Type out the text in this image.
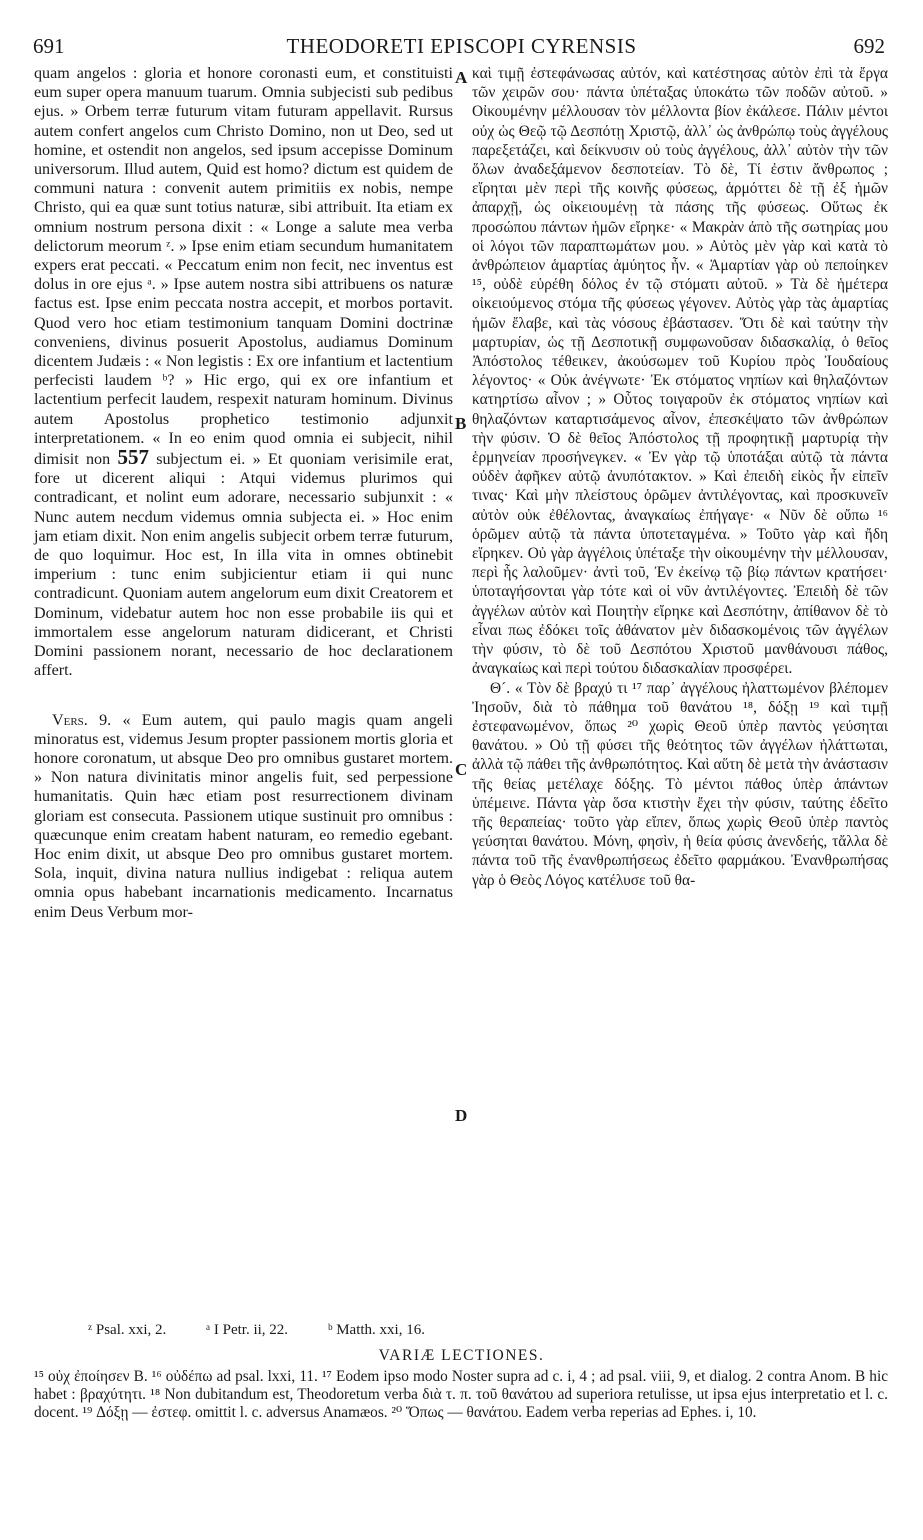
691	THEODORETI EPISCOPI CYRENSIS	692

quam angelos : gloria et honore coronasti eum, et constituisti eum super opera manuum tuarum. Omnia subjecisti sub pedibus ejus. » Orbem terræ futurum vitam futuram appellavit. Rursus autem confert angelos cum Christo Domino, non ut Deo, sed ut homine, et ostendit non angelos, sed ipsum accepisse Dominum universorum. Illud autem, Quid est homo? dictum est quidem de communi natura : convenit autem primitiis ex nobis, nempe Christo, qui ea quæ sunt totius naturæ, sibi attribuit. Ita etiam ex omnium nostrum persona dixit : « Longe a salute mea verba delictorum meorum ᶻ. » Ipse enim etiam secundum humanitatem expers erat peccati. « Peccatum enim non fecit, nec inventus est dolus in ore ejus ᵃ. » Ipse autem nostra sibi attribuens os naturæ factus est. Ipse enim peccata nostra accepit, et morbos portavit. Quod vero hoc etiam testimonium tanquam Domini doctrinæ conveniens, divinus posuerit Apostolus, audiamus Dominum dicentem Judæis : « Non legistis : Ex ore infantium et lactentium perfecisti laudem ᵇ? » Hic ergo, qui ex ore infantium et lactentium perfecit laudem, respexit naturam hominum. Divinus autem Apostolus prophetico testimonio adjunxit interpretationem. « In eo enim quod omnia ei subjecit, nihil dimisit non 557 subjectum ei. » Et quoniam verisimile erat, fore ut dicerent aliqui : Atqui videmus plurimos qui contradicant, et nolint eum adorare, necessario subjunxit : « Nunc autem necdum videmus omnia subjecta ei. » Hoc enim jam etiam dixit. Non enim angelis subjecit orbem terræ futurum, de quo loquimur. Hoc est, In illa vita in omnes obtinebit imperium : tunc enim subjicientur etiam ii qui nunc contradicunt. Quoniam autem angelorum eum dixit Creatorem et Dominum, videbatur autem hoc non esse probabile iis qui et immortalem esse angelorum naturam didicerant, et Christi Domini passionem norant, necessario de hoc declarationem affert.

Vers. 9. « Eum autem, qui paulo magis quam angeli minoratus est, videmus Jesum propter passionem mortis gloria et honore coronatum, ut absque Deo pro omnibus gustaret mortem. » Non natura divinitatis minor angelis fuit, sed perpessione humanitatis. Quin hæc etiam post resurrectionem divinam gloriam est consecuta. Passionem utique sustinuit pro omnibus : quæcunque enim creatam habent naturam, eo remedio egebant. Hoc enim dixit, ut absque Deo pro omnibus gustaret mortem. Sola, inquit, divina natura nullius indigebat : reliqua autem omnia opus habebant incarnationis medicamento. Incarnatus enim Deus Verbum mor-

A
B
C
D

καὶ τιμῇ ἐστεφάνωσας αὐτόν, καὶ κατέστησας αὐτὸν ἐπὶ τὰ ἔργα τῶν χειρῶν σου· πάντα ὑπέταξας ὑποκάτω τῶν ποδῶν αὐτοῦ. » Οἰκουμένην μέλλουσαν τὸν μέλλοντα βίον ἐκάλεσε. Πάλιν μέντοι οὐχ ὡς Θεῷ τῷ Δεσπότῃ Χριστῷ, ἀλλ᾽ ὡς ἀνθρώπῳ τοὺς ἀγγέλους παρεξετάζει, καὶ δείκνυσιν οὐ τοὺς ἀγγέλους, ἀλλ᾽ αὐτὸν τὴν τῶν ὅλων ἀναδεξάμενον δεσποτείαν. Τὸ δὲ, Τί ἐστιν ἄνθρωπος ; εἴρηται μὲν περὶ τῆς κοινῆς φύσεως, ἁρμόττει δὲ τῇ ἐξ ἡμῶν ἀπαρχῇ, ὡς οἰκειουμένῃ τὰ πάσης τῆς φύσεως. Οὕτως ἐκ προσώπου πάντων ἡμῶν εἴρηκε· « Μακρὰν ἀπὸ τῆς σωτηρίας μου οἱ λόγοι τῶν παραπτωμάτων μου. » Αὐτὸς μὲν γὰρ καὶ κατὰ τὸ ἀνθρώπειον ἁμαρτίας ἀμύητος ἦν. « Ἁμαρτίαν γὰρ οὐ πεποίηκεν ¹⁵, οὐδὲ εὑρέθη δόλος ἐν τῷ στόματι αὐτοῦ. » Τὰ δὲ ἡμέτερα οἰκειούμενος στόμα τῆς φύσεως γέγονεν. Αὐτὸς γὰρ τὰς ἁμαρτίας ἡμῶν ἔλαβε, καὶ τὰς νόσους ἐβάστασεν. Ὅτι δὲ καὶ ταύτην τὴν μαρτυρίαν, ὡς τῇ Δεσποτικῇ συμφωνοῦσαν διδασκαλίᾳ, ὁ θεῖος Ἀπόστολος τέθεικεν, ἀκούσωμεν τοῦ Κυρίου πρὸς Ἰουδαίους λέγοντος· « Οὐκ ἀνέγνωτε· Ἐκ στόματος νηπίων καὶ θηλαζόντων κατηρτίσω αἶνον ; » Οὗτος τοιγαροῦν ἐκ στόματος νηπίων καὶ θηλαζόντων καταρτισάμενος αἶνον, ἐπεσκέψατο τῶν ἀνθρώπων τὴν φύσιν. Ὁ δὲ θεῖος Ἀπόστολος τῇ προφητικῇ μαρτυρίᾳ τὴν ἑρμηνείαν προσήνεγκεν. « Ἐν γὰρ τῷ ὑποτάξαι αὐτῷ τὰ πάντα οὐδὲν ἀφῆκεν αὐτῷ ἀνυπότακτον. » Καὶ ἐπειδὴ εἰκὸς ἦν εἰπεῖν τινας· Καὶ μὴν πλείστους ὁρῶμεν ἀντιλέγοντας, καὶ προσκυνεῖν αὐτὸν οὐκ ἐθέλοντας, ἀναγκαίως ἐπήγαγε· « Νῦν δὲ οὔπω ¹⁶ ὁρῶμεν αὐτῷ τὰ πάντα ὑποτεταγμένα. » Τοῦτο γὰρ καὶ ἤδη εἴρηκεν. Οὐ γὰρ ἀγγέλοις ὑπέταξε τὴν οἰκουμένην τὴν μέλλουσαν, περὶ ἧς λαλοῦμεν· ἀντὶ τοῦ, Ἐν ἐκείνῳ τῷ βίῳ πάντων κρατήσει· ὑποταγήσονται γὰρ τότε καὶ οἱ νῦν ἀντιλέγοντες. Ἐπειδὴ δὲ τῶν ἀγγέλων αὐτὸν καὶ Ποιητὴν εἴρηκε καὶ Δεσπότην, ἀπίθανον δὲ τὸ εἶναι πως ἐδόκει τοῖς ἀθάνατον μὲν διδασκομένοις τῶν ἀγγέλων τὴν φύσιν, τὸ δὲ τοῦ Δεσπότου Χριστοῦ μανθάνουσι πάθος, ἀναγκαίως καὶ περὶ τούτου διδασκαλίαν προσφέρει.

Θ´. « Τὸν δὲ βραχύ τι ¹⁷ παρ᾽ ἀγγέλους ἠλαττωμένον βλέπομεν Ἰησοῦν, διὰ τὸ πάθημα τοῦ θανάτου ¹⁸, δόξῃ ¹⁹ καὶ τιμῇ ἐστεφανωμένον, ὅπως ²⁰ χωρὶς Θεοῦ ὑπὲρ παντὸς γεύσηται θανάτου. » Οὐ τῇ φύσει τῆς θεότητος τῶν ἀγγέλων ἠλάττωται, ἀλλὰ τῷ πάθει τῆς ἀνθρωπότητος. Καὶ αὕτη δὲ μετὰ τὴν ἀνάστασιν τῆς θείας μετέλαχε δόξης. Τὸ μέντοι πάθος ὑπὲρ ἁπάντων ὑπέμεινε. Πάντα γὰρ ὅσα κτιστὴν ἔχει τὴν φύσιν, ταύτης ἐδεῖτο τῆς θεραπείας· τοῦτο γὰρ εἴπεν, ὅπως χωρὶς Θεοῦ ὑπὲρ παντὸς γεύσηται θανάτου. Μόνη, φησὶν, ἡ θεία φύσις ἀνενδεής, τἄλλα δὲ πάντα τοῦ τῆς ἐνανθρωπήσεως ἐδεῖτο φαρμάκου. Ἐνανθρωπήσας γὰρ ὁ Θεὸς Λόγος κατέλυσε τοῦ θα-

ᶻ Psal. xxi, 2.	ᵃ I Petr. ii, 22.	ᵇ Matth. xxi, 16.
VARIÆ LECTIONES.

¹⁵ οὐχ ἐποίησεν B. ¹⁶ οὐδέπω ad psal. lxxi, 11. ¹⁷ Eodem ipso modo Noster supra ad c. i, 4 ; ad psal. viii, 9, et dialog. 2 contra Anom. B hic habet : βραχύτητι. ¹⁸ Non dubitandum est, Theodoretum verba διὰ τ. π. τοῦ θανάτου ad superiora retulisse, ut ipsa ejus interpretatio et l. c. docent. ¹⁹ Δόξῃ — ἐστεφ. omittit l. c. adversus Anamæos. ²⁰ Ὅπως — θανάτου. Eadem verba reperias ad Ephes. i, 10.
